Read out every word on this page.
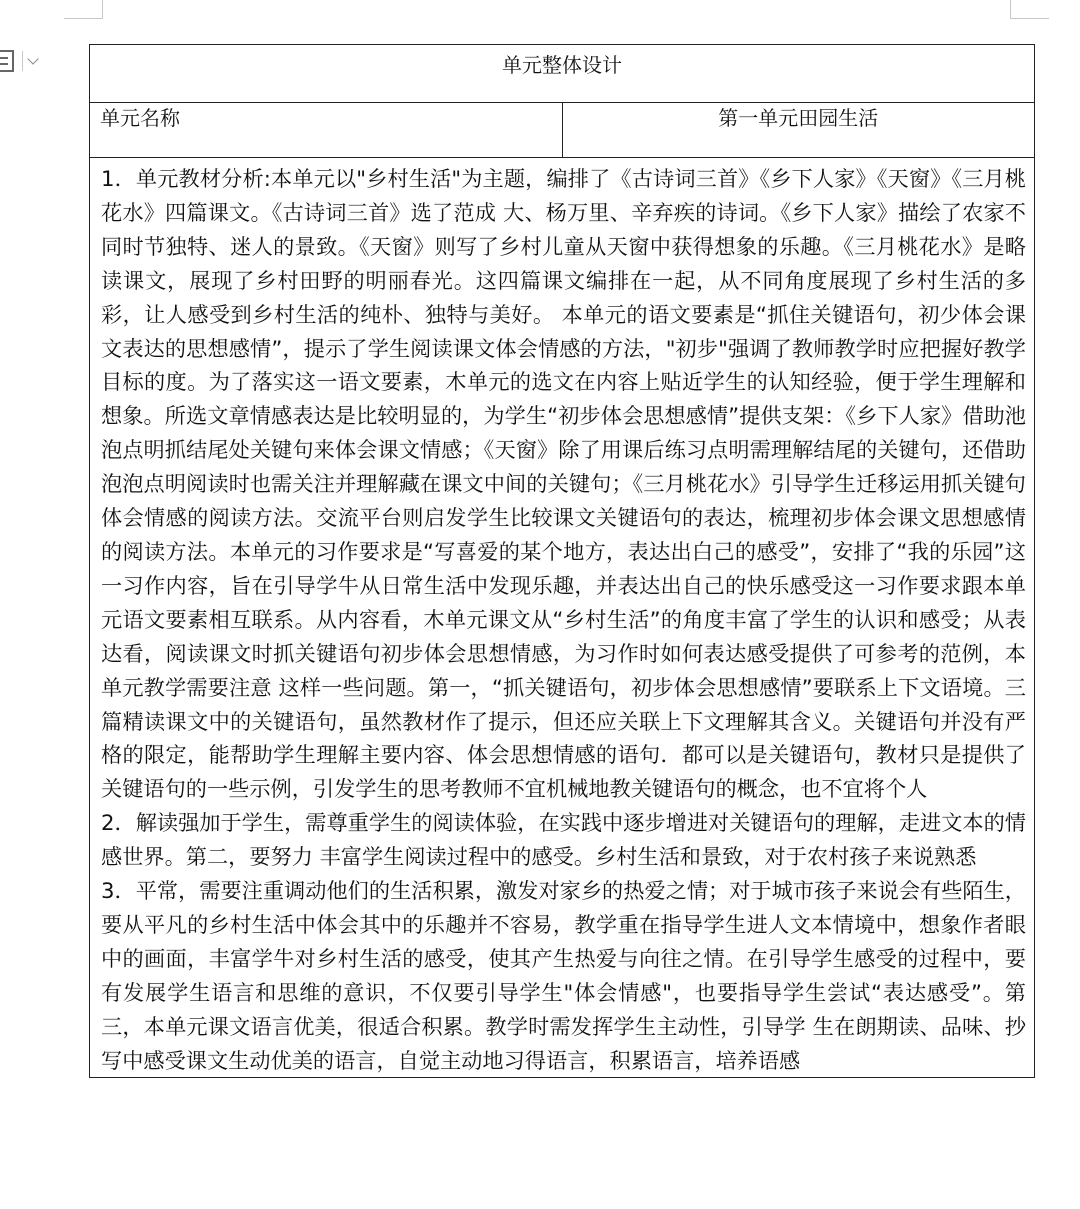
单元整体设计
单元名称	第一单元田园生活

1．单元教材分析:本单元以"乡村生活"为主题，编排了《古诗词三首》《乡下人家》《天窗》《三月桃花水》四篇课文。《古诗词三首》选了范成 大、杨万里、辛弃疾的诗词。《乡下人家》描绘了农家不同时节独特、迷人的景致。《天窗》则写了乡村儿童从天窗中获得想象的乐趣。《三月桃花水》是略读课文，展现了乡村田野的明丽春光。这四篇课文编排在一起，从不同角度展现了乡村生活的多彩，让人感受到乡村生活的纯朴、独特与美好。 本单元的语文要素是“抓住关键语句，初少体会课文表达的思想感情”，提示了学生阅读课文体会情感的方法，"初步"强调了教师教学时应把握好教学目标的度。为了落实这一语文要素，木单元的选文在内容上贴近学生的认知经验，便于学生理解和想象。所选文章情感表达是比较明显的，为学生“初步体会思想感情”提供支架：《乡下人家》借助池泡点明抓结尾处关键句来体会课文情感；《天窗》除了用课后练习点明需理解结尾的关键句，还借助泡泡点明阅读时也需关注并理解藏在课文中间的关键句；《三月桃花水》引导学生迁移运用抓关键句体会情感的阅读方法。交流平台则启发学生比较课文关键语句的表达，梳理初步体会课文思想感情的阅读方法。本单元的习作要求是“写喜爱的某个地方，表达出白己的感受”，安排了“我的乐园”这一习作内容，旨在引导学牛从日常生活中发现乐趣，并表达出自己的快乐感受这一习作要求跟本单元语文要素相互联系。从内容看，木单元课文从“乡村生活”的角度丰富了学生的认识和感受；从表达看，阅读课文时抓关键语句初步体会思想情感，为习作时如何表达感受提供了可参考的范例，本单元教学需要注意 这样一些问题。第一，“抓关键语句，初步体会思想感情”要联系上下文语境。三篇精读课文中的关键语句，虽然教材作了提示，但还应关联上下文理解其含义。关键语句并没有严格的限定，能帮助学生理解主要内容、体会思想情感的语句．都可以是关键语句，教材只是提供了关键语句的一些示例，引发学生的思考教师不宜机械地教关键语句的概念，也不宜将个人

2．解读强加于学生，需尊重学生的阅读体验，在实践中逐步增进对关键语句的理解，走进文本的情感世界。第二，要努力 丰富学生阅读过程中的感受。乡村生活和景致，对于农村孩子来说熟悉

3．平常，需要注重调动他们的生活积累，激发对家乡的热爱之情；对于城市孩子来说会有些陌生，要从平凡的乡村生活中体会其中的乐趣并不容易，教学重在指导学生进人文本情境中，想象作者眼中的画面，丰富学牛对乡村生活的感受，使其产生热爱与向往之情。在引导学生感受的过程中，要有发展学生语言和思维的意识，不仅要引导学生"体会情感"，也要指导学生尝试“表达感受”。第三，本单元课文语言优美，很适合积累。教学时需发挥学生主动性，引导学 生在朗期读、品味、抄写中感受课文生动优美的语言，自觉主动地习得语言，积累语言，培养语感
